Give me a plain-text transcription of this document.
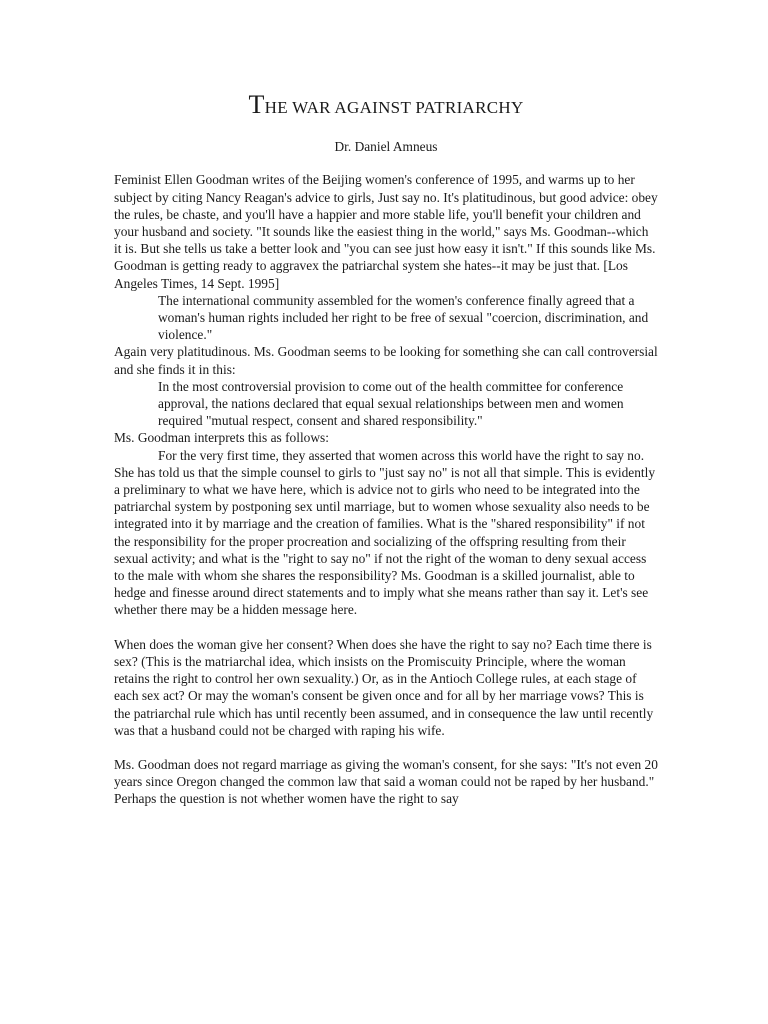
THE WAR AGAINST PATRIARCHY
Dr. Daniel Amneus

Feminist Ellen Goodman writes of the Beijing women's conference of 1995, and warms up to her subject by citing Nancy Reagan's advice to girls, Just say no. It's platitudinous, but good advice: obey the rules, be chaste, and you'll have a happier and more stable life, you'll benefit your children and your husband and society. "It sounds like the easiest thing in the world," says Ms. Goodman--which it is. But she tells us take a better look and "you can see just how easy it isn't." If this sounds like Ms. Goodman is getting ready to aggravex the patriarchal system she hates--it may be just that. [Los Angeles Times, 14 Sept. 1995]

The international community assembled for the women's conference finally agreed that a woman's human rights included her right to be free of sexual "coercion, discrimination, and violence."

Again very platitudinous. Ms. Goodman seems to be looking for something she can call controversial and she finds it in this:

In the most controversial provision to come out of the health committee for conference approval, the nations declared that equal sexual relationships between men and women required "mutual respect, consent and shared responsibility."

Ms. Goodman interprets this as follows:

For the very first time, they asserted that women across this world have the right to say no.

She has told us that the simple counsel to girls to "just say no" is not all that simple. This is evidently a preliminary to what we have here, which is advice not to girls who need to be integrated into the patriarchal system by postponing sex until marriage, but to women whose sexuality also needs to be integrated into it by marriage and the creation of families. What is the "shared responsibility" if not the responsibility for the proper procreation and socializing of the offspring resulting from their sexual activity; and what is the "right to say no" if not the right of the woman to deny sexual access to the male with whom she shares the responsibility? Ms. Goodman is a skilled journalist, able to hedge and finesse around direct statements and to imply what she means rather than say it. Let's see whether there may be a hidden message here.

When does the woman give her consent? When does she have the right to say no? Each time there is sex? (This is the matriarchal idea, which insists on the Promiscuity Principle, where the woman retains the right to control her own sexuality.) Or, as in the Antioch College rules, at each stage of each sex act? Or may the woman's consent be given once and for all by her marriage vows? This is the patriarchal rule which has until recently been assumed, and in consequence the law until recently was that a husband could not be charged with raping his wife.

Ms. Goodman does not regard marriage as giving the woman's consent, for she says: "It's not even 20 years since Oregon changed the common law that said a woman could not be raped by her husband." Perhaps the question is not whether women have the right to say
